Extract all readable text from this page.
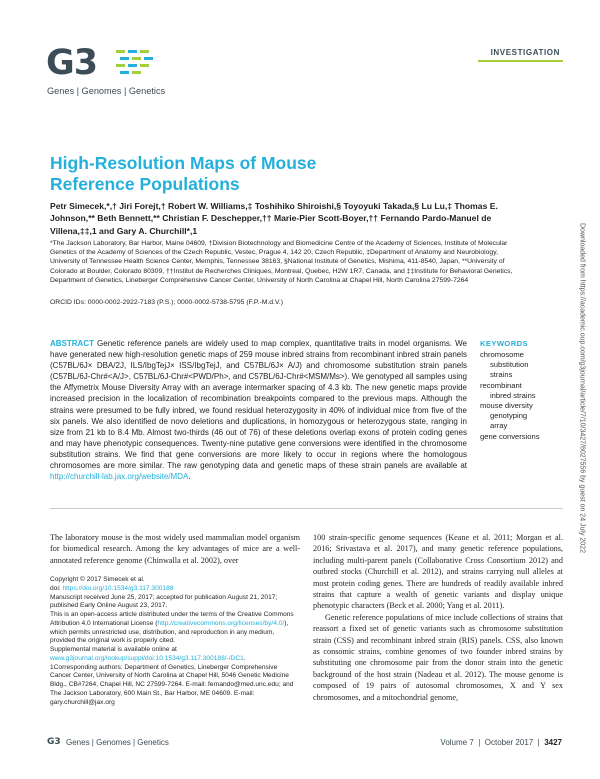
G3
Genes | Genomes | Genetics
INVESTIGATION
High-Resolution Maps of Mouse Reference Populations
Petr Simecek,*,† Jiri Forejt,† Robert W. Williams,‡ Toshihiko Shiroishi,§ Toyoyuki Takada,§ Lu Lu,‡ Thomas E. Johnson,** Beth Bennett,** Christian F. Deschepper,†† Marie-Pier Scott-Boyer,†† Fernando Pardo-Manuel de Villena,‡‡,1 and Gary A. Churchill*,1
*The Jackson Laboratory, Bar Harbor, Maine 04609, †Division Biotechnology and Biomedicine Centre of the Academy of Sciences, Institute of Molecular Genetics of the Academy of Sciences of the Czech Republic, Vestec, Prague 4, 142 20, Czech Republic, ‡Department of Anatomy and Neurobiology, University of Tennessee Health Science Center, Memphis, Tennessee 38163, §National Institute of Genetics, Mishima, 411-8540, Japan, **University of Colorado at Boulder, Colorado 80309, ††Institut de Recherches Cliniques, Montreal, Quebec, H2W 1R7, Canada, and ‡‡Institute for Behavioral Genetics, Department of Genetics, Lineberger Comprehensive Cancer Center, University of North Carolina at Chapel Hill, North Carolina 27599-7264
ORCID IDs: 0000-0002-2922-7183 (P.S.); 0000-0002-5738-5795 (F.P.-M.d.V.)
ABSTRACT Genetic reference panels are widely used to map complex, quantitative traits in model organisms. We have generated new high-resolution genetic maps of 259 mouse inbred strains from recombinant inbred strain panels (C57BL/6J× DBA/2J, ILS/IbgTejJ× ISS/IbgTejJ, and C57BL/6J× A/J) and chromosome substitution strain panels (C57BL/6J-Chr#<A/J>, C57BL/6J-Chr#<PWD/Ph>, and C57BL/6J-Chr#<MSM/Ms>). We genotyped all samples using the Affymetrix Mouse Diversity Array with an average intermarker spacing of 4.3 kb. The new genetic maps provide increased precision in the localization of recombination breakpoints compared to the previous maps. Although the strains were presumed to be fully inbred, we found residual heterozygosity in 40% of individual mice from five of the six panels. We also identified de novo deletions and duplications, in homozygous or heterozygous state, ranging in size from 21 kb to 8.4 Mb. Almost two-thirds (46 out of 76) of these deletions overlap exons of protein coding genes and may have phenotypic consequences. Twenty-nine putative gene conversions were identified in the chromosome substitution strains. We find that gene conversions are more likely to occur in regions where the homologous chromosomes are more similar. The raw genotyping data and genetic maps of these strain panels are available at http://churchill-lab.jax.org/website/MDA.
KEYWORDS
chromosome
substitution
strains
recombinant
inbred strains
mouse diversity
genotyping
array
gene conversions
The laboratory mouse is the most widely used mammalian model organism for biomedical research. Among the key advantages of mice are a well-annotated reference genome (Chinwalla et al. 2002), over
Copyright © 2017 Simecek et al.
doi: https://doi.org/10.1534/g3.117.300188
Manuscript received June 25, 2017; accepted for publication August 21, 2017; published Early Online August 23, 2017.
This is an open-access article distributed under the terms of the Creative Commons Attribution 4.0 International License (http://creativecommons.org/licenses/by/4.0/), which permits unrestricted use, distribution, and reproduction in any medium, provided the original work is properly cited.
Supplemental material is available online at www.g3journal.org/lookup/suppl/doi:10.1534/g3.117.300188/-/DC1.
1Corresponding authors: Department of Genetics, Lineberger Comprehensive Cancer Center, University of North Carolina at Chapel Hill, 5046 Genetic Medicine Bldg., CB#7264, Chapel Hill, NC 27599-7264. E-mail: fernando@med.unc.edu; and The Jackson Laboratory, 600 Main St., Bar Harbor, ME 04609. E-mail: gary.churchill@jax.org

100 strain-specific genome sequences (Keane et al. 2011; Morgan et al. 2016; Srivastava et al. 2017), and many genetic reference populations, including multi-parent panels (Collaborative Cross Consortium 2012) and outbred stocks (Churchill et al. 2012), and strains carrying null alleles at most protein coding genes. There are hundreds of readily available inbred strains that capture a wealth of genetic variants and display unique phenotypic characters (Beck et al. 2000; Yang et al. 2011).

Genetic reference populations of mice include collections of strains that reassort a fixed set of genetic variants such as chromosome substitution strain (CSS) and recombinant inbred strain (RIS) panels. CSS, also known as consomic strains, combine genomes of two founder inbred strains by substituting one chromosome pair from the donor strain into the genetic background of the host strain (Nadeau et al. 2012). The mouse genome is composed of 19 pairs of autosomal chromosomes, X and Y sex chromosomes, and a mitochondrial genome,

Downloaded from https://academic.oup.com/g3journal/article/7/10/3427/6027556 by guest on 24 July 2022
G3 Genes | Genomes | Genetics	Volume 7  |  October 2017  |  3427
